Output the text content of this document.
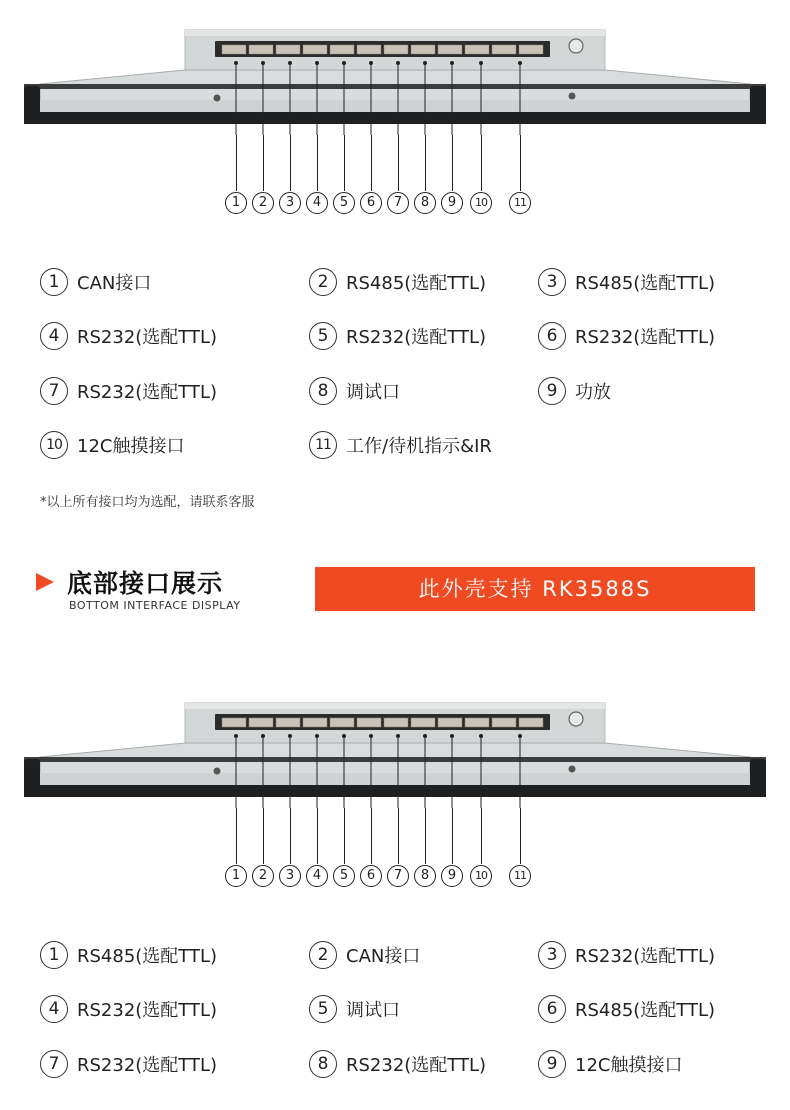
1	2	3	4	5	6	7	8	9	10	11
1 CAN接口	2 RS485(选配TTL)	3 RS485(选配TTL)
4 RS232(选配TTL)	5 RS232(选配TTL)	6 RS232(选配TTL)
7 RS232(选配TTL)	8 调试口	9 功放
10 12C触摸接口	11 工作/待机指示&IR
*以上所有接口均为选配，请联系客服
底部接口展示
BOTTOM INTERFACE DISPLAY
此外壳支持 RK3588S
1	2	3	4	5	6	7	8	9	10	11
1 RS485(选配TTL)	2 CAN接口	3 RS232(选配TTL)
4 RS232(选配TTL)	5 调试口	6 RS485(选配TTL)
7 RS232(选配TTL)	8 RS232(选配TTL)	9 12C触摸接口
